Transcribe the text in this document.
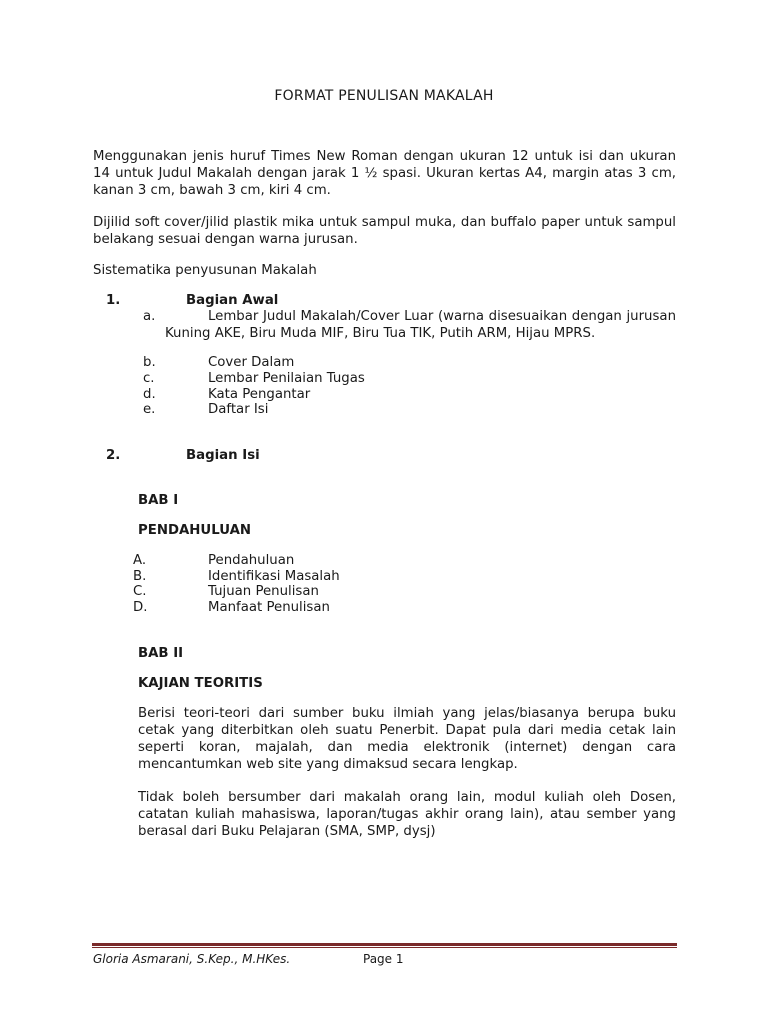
FORMAT PENULISAN MAKALAH
Menggunakan jenis huruf Times New Roman dengan ukuran 12 untuk isi dan ukuran 14 untuk Judul Makalah dengan jarak 1 ½ spasi. Ukuran kertas A4, margin atas 3 cm, kanan 3 cm, bawah 3 cm, kiri 4 cm.
Dijilid soft cover/jilid plastik mika untuk sampul muka, dan buffalo paper untuk sampul belakang sesuai dengan warna jurusan.
Sistematika penyusunan Makalah
1.	Bagian Awal
a.	Lembar Judul Makalah/Cover Luar (warna disesuaikan dengan jurusan Kuning AKE, Biru Muda MIF, Biru Tua TIK, Putih ARM, Hijau MPRS.
b.	Cover Dalam
c.	Lembar Penilaian Tugas
d.	Kata Pengantar
e.	Daftar Isi
2.	Bagian Isi
BAB I
PENDAHULUAN
A.	Pendahuluan
B.	Identifikasi Masalah
C.	Tujuan Penulisan
D.	Manfaat Penulisan
BAB II
KAJIAN TEORITIS
Berisi teori-teori dari sumber buku ilmiah yang jelas/biasanya berupa buku cetak yang diterbitkan oleh suatu Penerbit. Dapat pula dari media cetak lain seperti koran, majalah, dan media elektronik (internet) dengan cara mencantumkan web site yang dimaksud secara lengkap.
Tidak boleh bersumber dari makalah orang lain, modul kuliah oleh Dosen, catatan kuliah mahasiswa, laporan/tugas akhir orang lain), atau sember yang berasal dari Buku Pelajaran (SMA, SMP, dysj)
Gloria Asmarani, S.Kep., M.HKes.	Page 1
